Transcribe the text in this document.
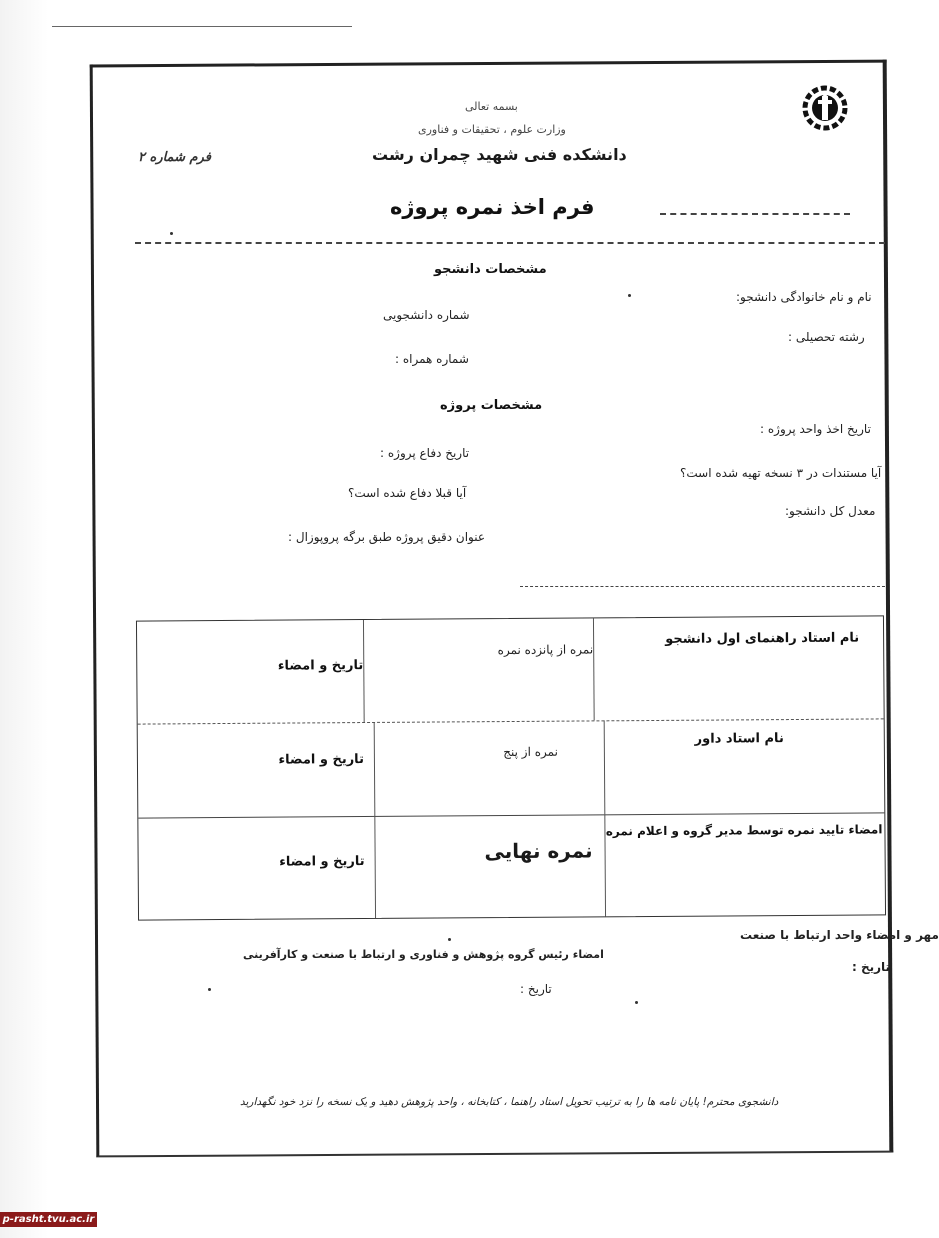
بسمه تعالی
وزارت علوم ، تحقیقات و فناوری
دانشکده فنی شهید چمران رشت
فرم شماره ۲
فرم اخذ نمره پروژه
مشخصات دانشجو
نام و نام خانوادگی دانشجو:
شماره دانشجویی
رشته تحصیلی :
شماره همراه :
مشخصات پروژه
تاریخ اخذ واحد پروژه :
تاریخ دفاع پروژه :
آیا مستندات در ۳ نسخه تهیه شده است؟
آیا قبلا دفاع شده است؟
معدل کل دانشجو:
عنوان دقیق پروژه طبق برگه پروپوزال :
نام استاد راهنمای اول دانشجو
نمره از پانزده نمره
تاریخ و امضاء
نام استاد داور
نمره از پنج
تاریخ و امضاء
امضاء تایید نمره توسط مدیر گروه و اعلام نمره
نمره نهایی
تاریخ و امضاء
مهر و امضاء واحد ارتباط با صنعت
تاریخ :
امضاء رئیس گروه پژوهش و فناوری و ارتباط با صنعت و کارآفرینی
تاریخ :
دانشجوی محترم! پایان نامه ها را به ترتیب تحویل استاد راهنما ، کتابخانه ، واحد پژوهش دهید و یک نسخه را نزد خود نگهدارید
p-rasht.tvu.ac.ir
